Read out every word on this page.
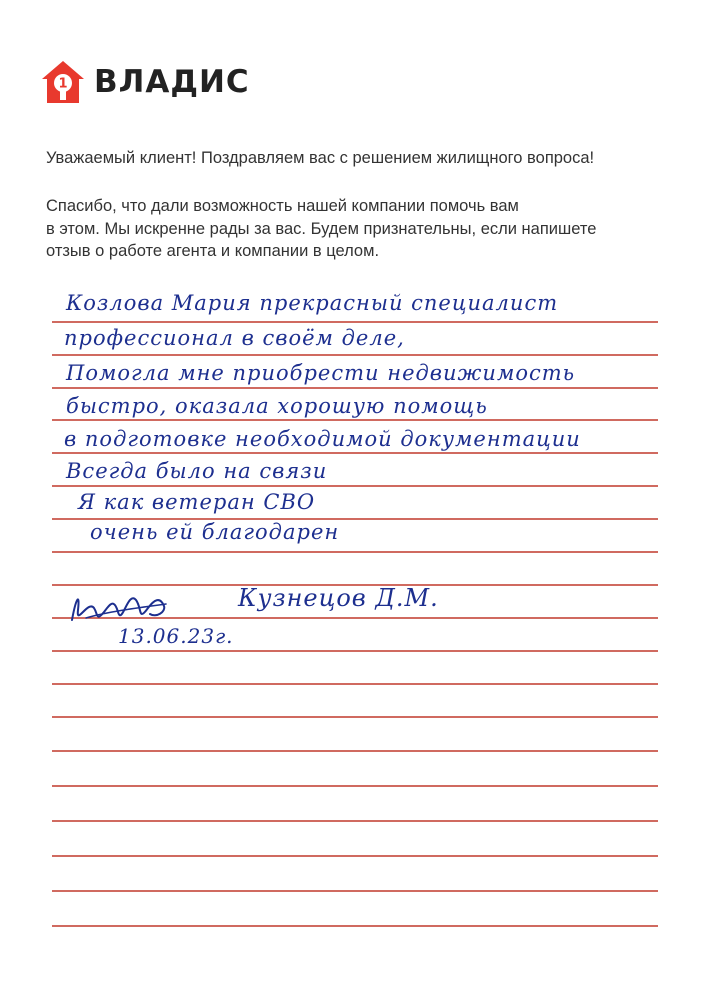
1 ВЛАДИС
Уважаемый клиент! Поздравляем вас с решением жилищного вопроса!
Спасибо, что дали возможность нашей компании помочь вам
в этом. Мы искренне рады за вас. Будем признательны, если напишете
отзыв о работе агента и компании в целом.
Козлова Мария прекрасный специалист
профессионал в своём деле,
Помогла мне приобрести недвижимость
быстро, оказала хорошую помощь
в подготовке необходимой документации
Всегда было на связи
Я как ветеран СВО
очень ей благодарен
Кузнецов Д.М.
13.06.23г.
